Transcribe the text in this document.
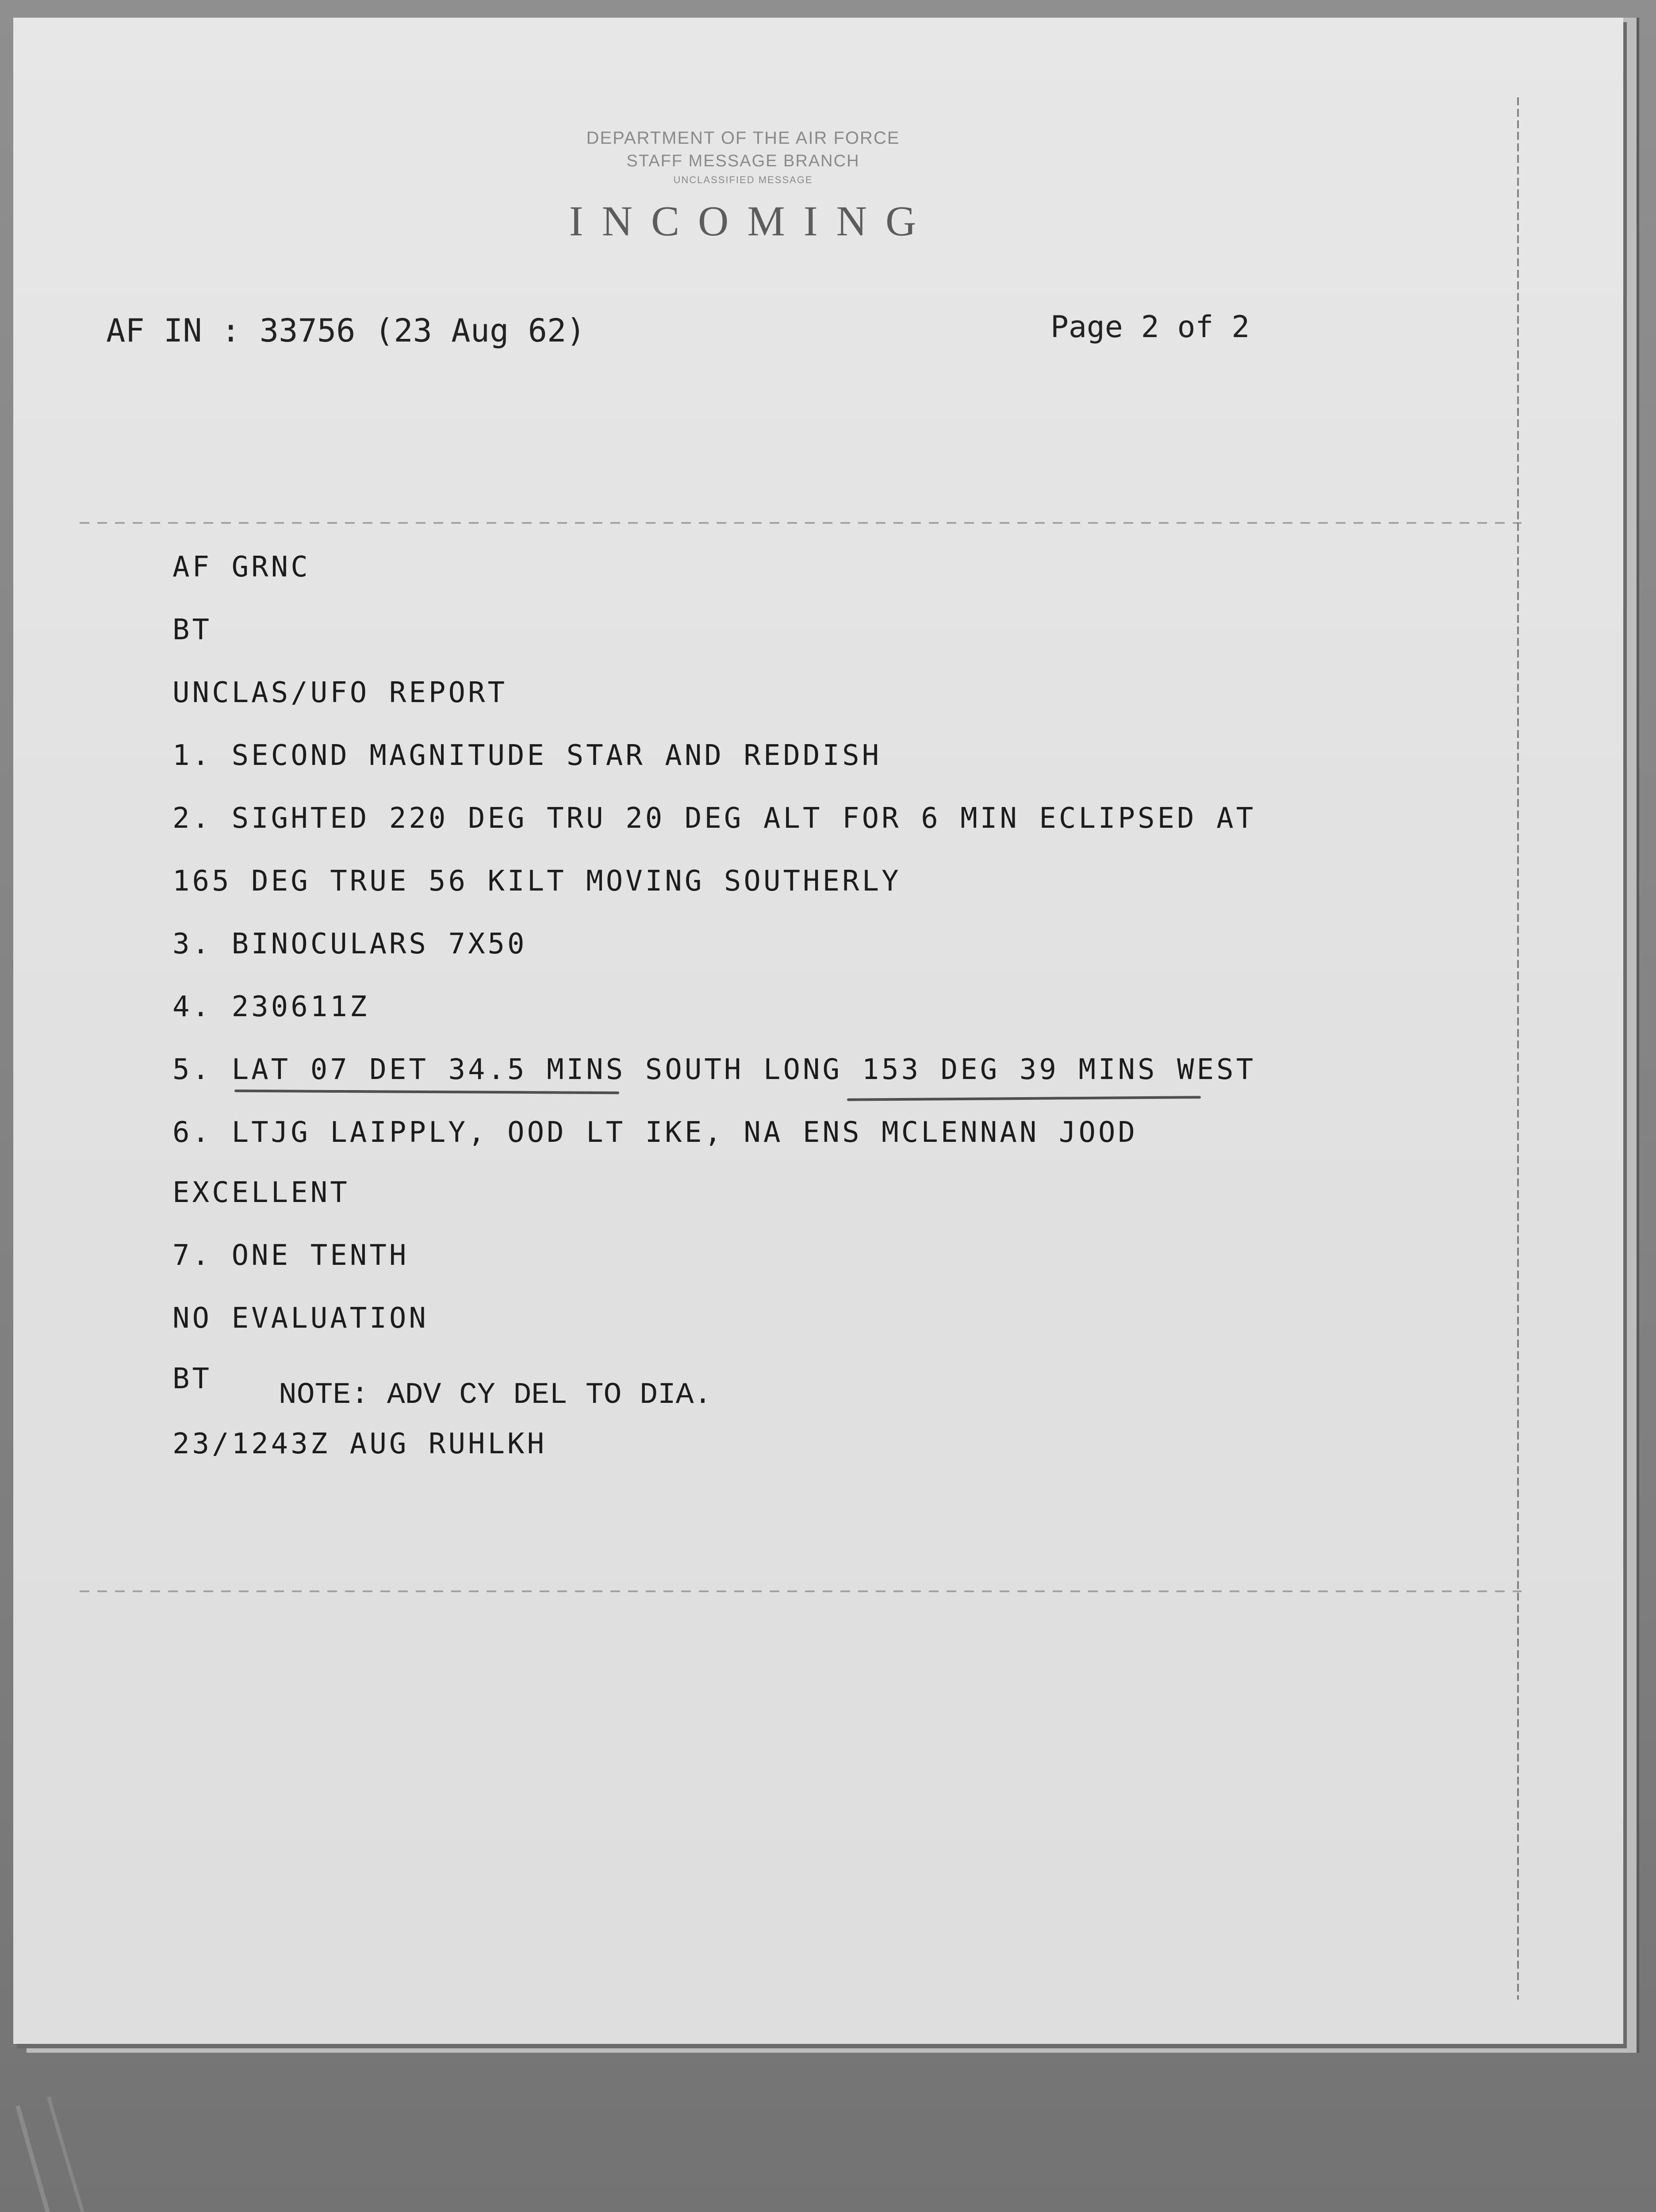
DEPARTMENT OF THE AIR FORCE
STAFF MESSAGE BRANCH
UNCLASSIFIED MESSAGE
INCOMING
AF IN : 33756 (23 Aug 62)	Page 2 of 2
AF GRNC
BT
UNCLAS/UFO REPORT
1. SECOND MAGNITUDE STAR AND REDDISH
2. SIGHTED 220 DEG TRU 20 DEG ALT FOR 6 MIN ECLIPSED AT
165 DEG TRUE 56 KILT MOVING SOUTHERLY
3. BINOCULARS 7X50
4. 230611Z
5. LAT 07 DET 34.5 MINS SOUTH LONG 153 DEG 39 MINS WEST
6. LTJG LAIPPLY, OOD LT IKE, NA ENS MCLENNAN JOOD
EXCELLENT
7. ONE TENTH
NO EVALUATION
BT
23/1243Z AUG RUHLKH
NOTE: ADV CY DEL TO DIA.
